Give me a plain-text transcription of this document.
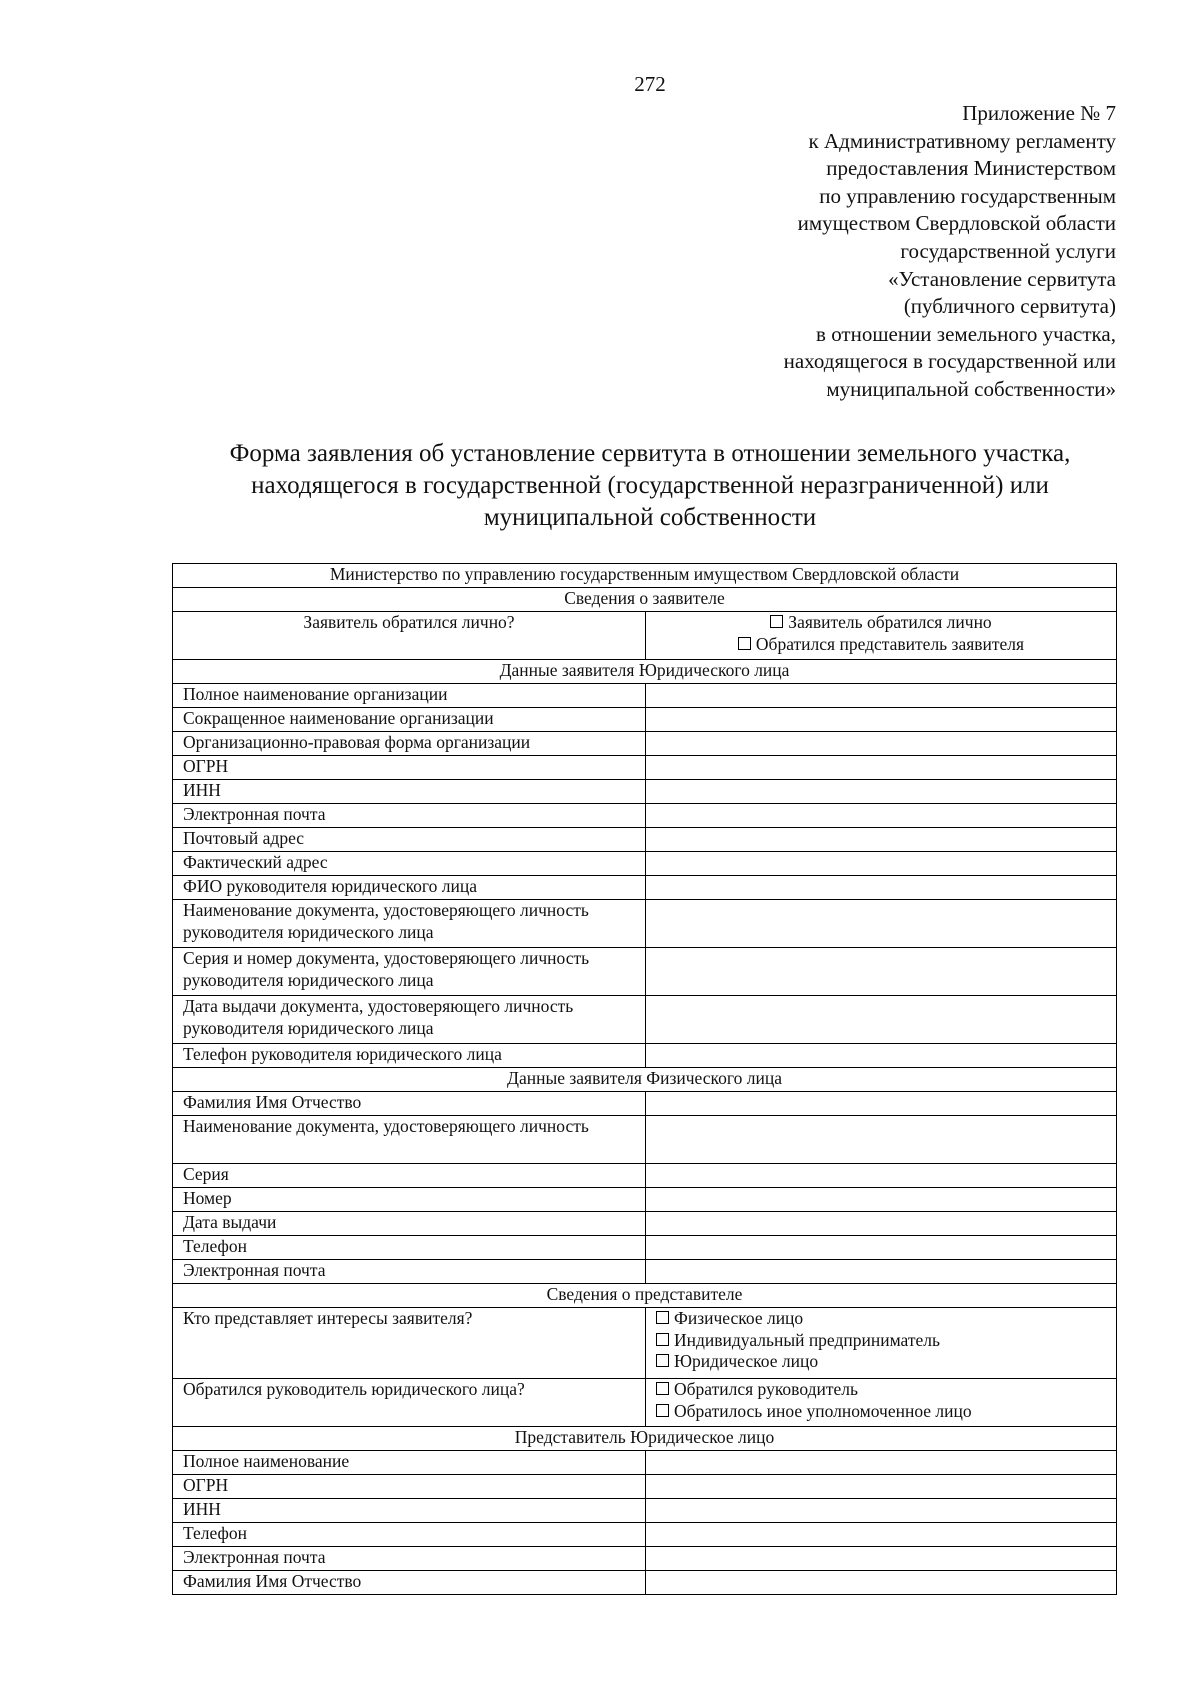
272
Приложение № 7
к Административному регламенту
предоставления Министерством
по управлению государственным
имуществом Свердловской области
государственной услуги
«Установление сервитута
(публичного сервитута)
в отношении земельного участка,
находящегося в государственной или
муниципальной собственности»
Форма заявления об установление сервитута в отношении земельного участка,
находящегося в государственной (государственной неразграниченной) или
муниципальной собственности
Министерство по управлению государственным имуществом Свердловской области	
Сведения о заявителе	
Заявитель обратился лично?	Заявитель обратился лично
Обратился представитель заявителя

Данные заявителя Юридического лица	
Полное наименование организации	
Сокращенное наименование организации	
Организационно-правовая форма организации	
ОГРН	
ИНН	
Электронная почта	
Почтовый адрес	
Фактический адрес	
ФИО руководителя юридического лица	
Наименование документа, удостоверяющего личность руководителя юридического лица	
Серия и номер документа, удостоверяющего личность руководителя юридического лица	
Дата выдачи документа, удостоверяющего личность руководителя юридического лица	
Телефон руководителя юридического лица	
Данные заявителя Физического лица	
Фамилия Имя Отчество	
Наименование документа, удостоверяющего личность	
Серия	
Номер	
Дата выдачи	
Телефон	
Электронная почта	
Сведения о представителе	
Кто представляет интересы заявителя?	Физическое лицо
Индивидуальный предприниматель
Юридическое лицо

Обратился руководитель юридического лица?	Обратился руководитель
Обратилось иное уполномоченное лицо

Представитель Юридическое лицо	
Полное наименование	
ОГРН	
ИНН	
Телефон	
Электронная почта	
Фамилия Имя Отчество	
